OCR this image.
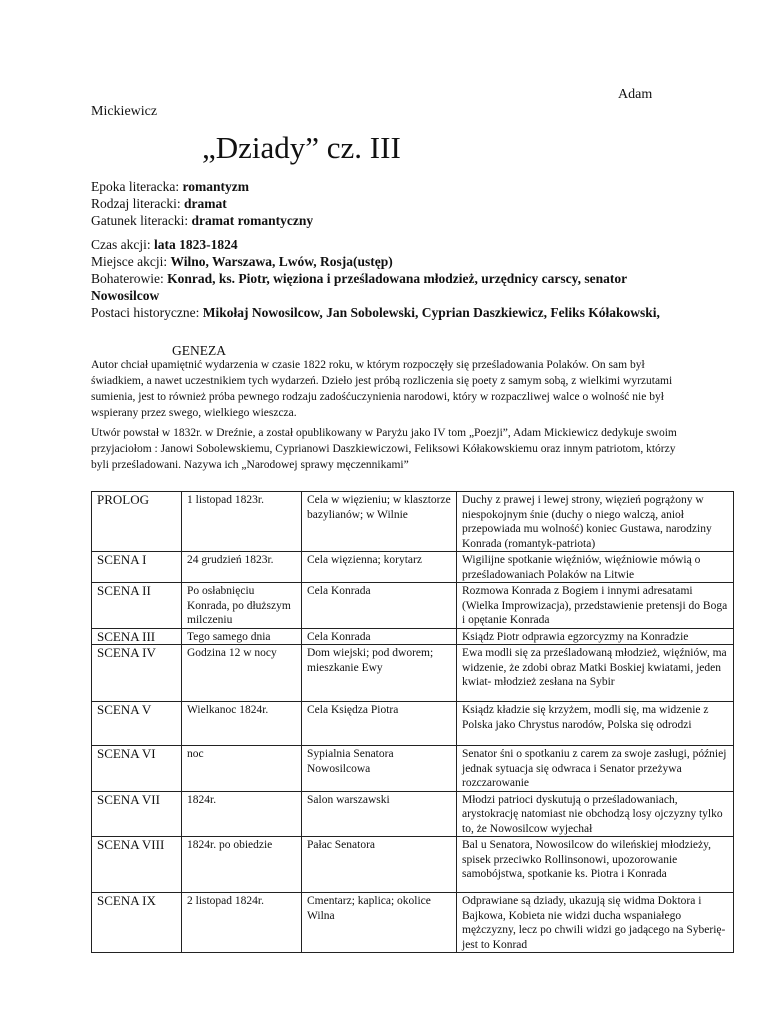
Adam
Mickiewicz
„Dziady” cz. III
Epoka literacka: romantyzm
Rodzaj literacki: dramat
Gatunek literacki: dramat romantyczny
Czas akcji: lata 1823-1824
Miejsce akcji: Wilno, Warszawa, Lwów, Rosja(ustęp)
Bohaterowie: Konrad, ks. Piotr, więziona i prześladowana młodzież, urzędnicy carscy, senator Nowosilcow
Postaci historyczne: Mikołaj Nowosilcow, Jan Sobolewski, Cyprian Daszkiewicz, Feliks Kółakowski,
GENEZA
Autor chciał upamiętnić wydarzenia w czasie 1822 roku, w którym rozpoczęły się prześladowania Polaków. On sam był świadkiem, a nawet uczestnikiem tych wydarzeń. Dzieło jest próbą rozliczenia się poety z samym sobą, z wielkimi wyrzutami sumienia, jest to również próba pewnego rodzaju zadośćuczynienia narodowi, który w rozpaczliwej walce o wolność nie był wspierany przez swego, wielkiego wieszcza.
Utwór powstał w 1832r. w Dreźnie, a został opublikowany w Paryżu jako IV tom „Poezji”, Adam Mickiewicz dedykuje swoim przyjaciołom : Janowi Sobolewskiemu, Cyprianowi Daszkiewiczowi, Feliksowi Kółakowskiemu oraz innym patriotom, którzy byli prześladowani. Nazywa ich „Narodowej sprawy męczennikami”
PROLOG	1 listopad 1823r.	Cela w więzieniu; w klasztorze bazylianów; w Wilnie	Duchy z prawej i lewej strony, więzień pogrążony w niespokojnym śnie (duchy o niego walczą, anioł przepowiada mu wolność) koniec Gustawa, narodziny Konrada (romantyk-patriota)
SCENA I	24 grudzień 1823r.	Cela więzienna; korytarz	Wigilijne spotkanie więźniów, więźniowie mówią o prześladowaniach Polaków na Litwie
SCENA II	Po osłabnięciu Konrada, po dłuższym milczeniu	Cela Konrada	Rozmowa Konrada z Bogiem i innymi adresatami (Wielka Improwizacja), przedstawienie pretensji do Boga i opętanie Konrada
SCENA III	Tego samego dnia	Cela Konrada	Ksiądz Piotr odprawia egzorcyzmy na Konradzie
SCENA IV	Godzina 12 w nocy	Dom wiejski; pod dworem; mieszkanie Ewy	Ewa modli się za prześladowaną młodzież, więźniów, ma widzenie, że zdobi obraz Matki Boskiej kwiatami, jeden kwiat- młodzież zesłana na Sybir
SCENA V	Wielkanoc 1824r.	Cela Księdza Piotra	Ksiądz kładzie się krzyżem, modli się, ma widzenie z Polska jako Chrystus narodów, Polska się odrodzi
SCENA VI	noc	Sypialnia Senatora Nowosilcowa	Senator śni o spotkaniu z carem za swoje zasługi, później jednak sytuacja się odwraca i Senator przeżywa rozczarowanie
SCENA VII	1824r.	Salon warszawski	Młodzi patrioci dyskutują o prześladowaniach, arystokrację natomiast nie obchodzą losy ojczyzny tylko to, że Nowosilcow wyjechał
SCENA VIII	1824r. po obiedzie	Pałac Senatora	Bal u Senatora, Nowosilcow do wileńskiej młodzieży, spisek przeciwko Rollinsonowi, upozorowanie samobójstwa, spotkanie ks. Piotra i Konrada
SCENA IX	2 listopad 1824r.	Cmentarz; kaplica; okolice Wilna	Odprawiane są dziady, ukazują się widma Doktora i Bajkowa, Kobieta nie widzi ducha wspaniałego mężczyzny, lecz po chwili widzi go jadącego na Syberię- jest to Konrad
